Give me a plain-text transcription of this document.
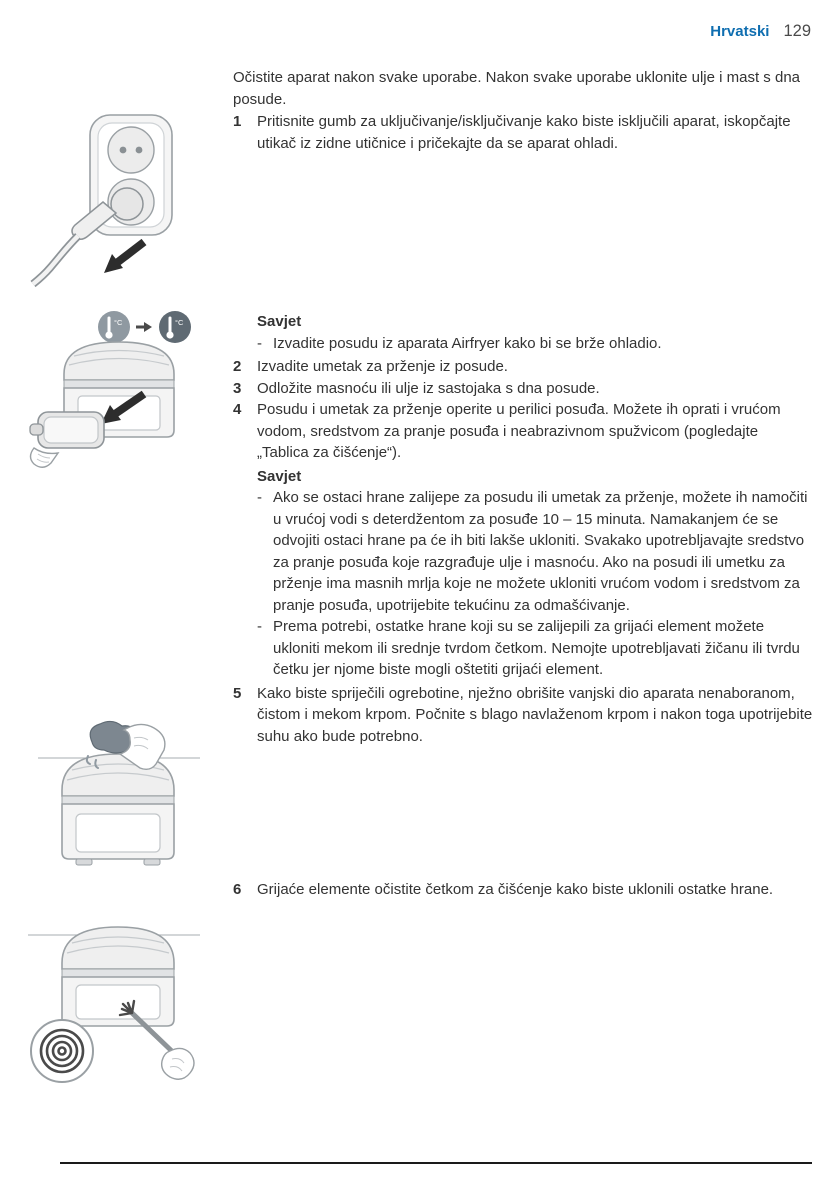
Hrvatski 129
°C	°C

Očistite aparat nakon svake uporabe. Nakon svake uporabe uklonite ulje i mast s dna posude.

1	Pritisnite gumb za uključivanje/isključivanje kako biste isključili aparat, iskopčajte utikač iz zidne utičnice i pričekajte da se aparat ohladi.
Savjet
- Izvadite posudu iz aparata Airfryer kako bi se brže ohladio.
2	Izvadite umetak za prženje iz posude.
3	Odložite masnoću ili ulje iz sastojaka s dna posude.
4	Posudu i umetak za prženje operite u perilici posuđa. Možete ih oprati i vrućom vodom, sredstvom za pranje posuđa i neabrazivnom spužvicom (pogledajte „Tablica za čišćenje“).
Savjet
- Ako se ostaci hrane zalijepe za posudu ili umetak za prženje, možete ih namočiti u vrućoj vodi s deterdžentom za posuđe 10 – 15 minuta. Namakanjem će se odvojiti ostaci hrane pa će ih biti lakše ukloniti. Svakako upotrebljavajte sredstvo za pranje posuđa koje razgrađuje ulje i masnoću. Ako na posudi ili umetku za prženje ima masnih mrlja koje ne možete ukloniti vrućom vodom i sredstvom za pranje posuđa, upotrijebite tekućinu za odmašćivanje.
- Prema potrebi, ostatke hrane koji su se zalijepili za grijaći element možete ukloniti mekom ili srednje tvrdom četkom. Nemojte upotrebljavati žičanu ili tvrdu četku jer njome biste mogli oštetiti grijaći element.
5	Kako biste spriječili ogrebotine, nježno obrišite vanjski dio aparata nenaboranom, čistom i mekom krpom. Počnite s blago navlaženom krpom i nakon toga upotrijebite suhu ako bude potrebno.
6	Grijaće elemente očistite četkom za čišćenje kako biste uklonili ostatke hrane.
